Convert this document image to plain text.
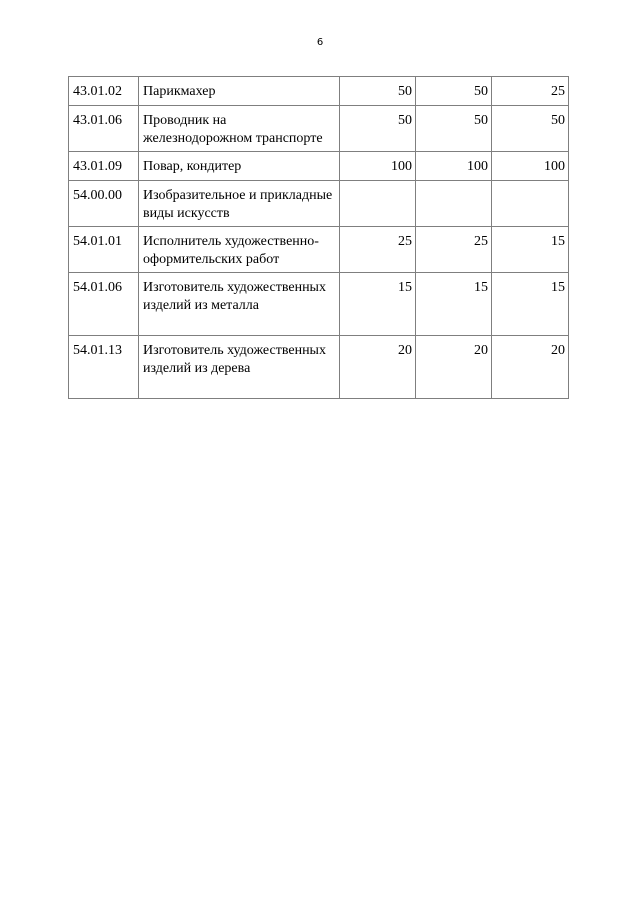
6
43.01.02	Парикмахер	50	50	25
43.01.06	Проводник на железнодорожном транспорте	50	50	50
43.01.09	Повар, кондитер	100	100	100
54.00.00	Изобразительное и прикладные виды искусств			
54.01.01	Исполнитель художественно-оформительских работ	25	25	15
54.01.06	Изготовитель художественных изделий из металла	15	15	15
54.01.13	Изготовитель художественных изделий из дерева	20	20	20
